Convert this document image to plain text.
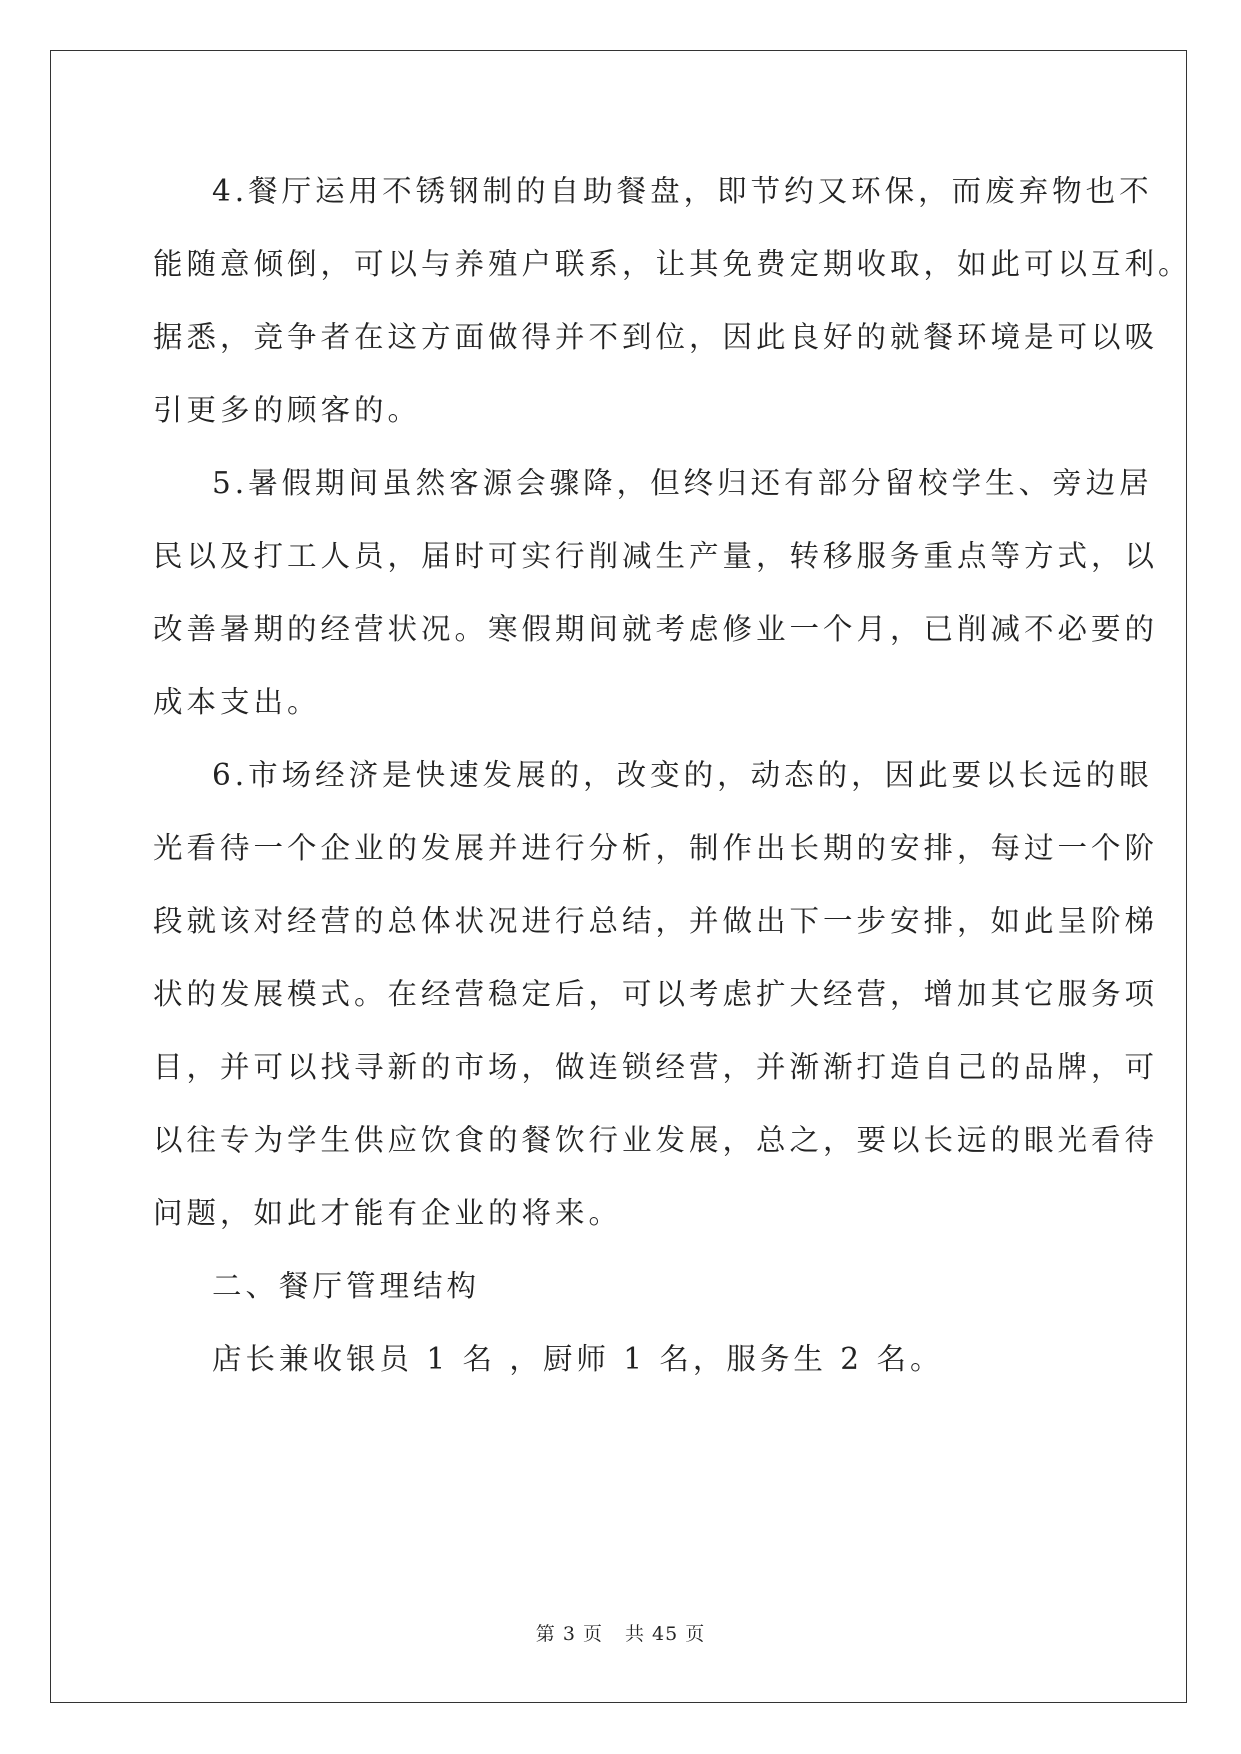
4.餐厅运用不锈钢制的自助餐盘，即节约又环保，而废弃物也不
能随意倾倒，可以与养殖户联系，让其免费定期收取，如此可以互利。
据悉，竞争者在这方面做得并不到位，因此良好的就餐环境是可以吸
引更多的顾客的。
5.暑假期间虽然客源会骤降，但终归还有部分留校学生、旁边居
民以及打工人员，届时可实行削减生产量，转移服务重点等方式，以
改善暑期的经营状况。寒假期间就考虑修业一个月，已削减不必要的
成本支出。
6.市场经济是快速发展的，改变的，动态的，因此要以长远的眼
光看待一个企业的发展并进行分析，制作出长期的安排，每过一个阶
段就该对经营的总体状况进行总结，并做出下一步安排，如此呈阶梯
状的发展模式。在经营稳定后，可以考虑扩大经营，增加其它服务项
目，并可以找寻新的市场，做连锁经营，并渐渐打造自己的品牌，可
以往专为学生供应饮食的餐饮行业发展，总之，要以长远的眼光看待
问题，如此才能有企业的将来。
二、餐厅管理结构
店长兼收银员 1 名 ，厨师 1 名，服务生 2 名。
第 3 页 共 45 页
